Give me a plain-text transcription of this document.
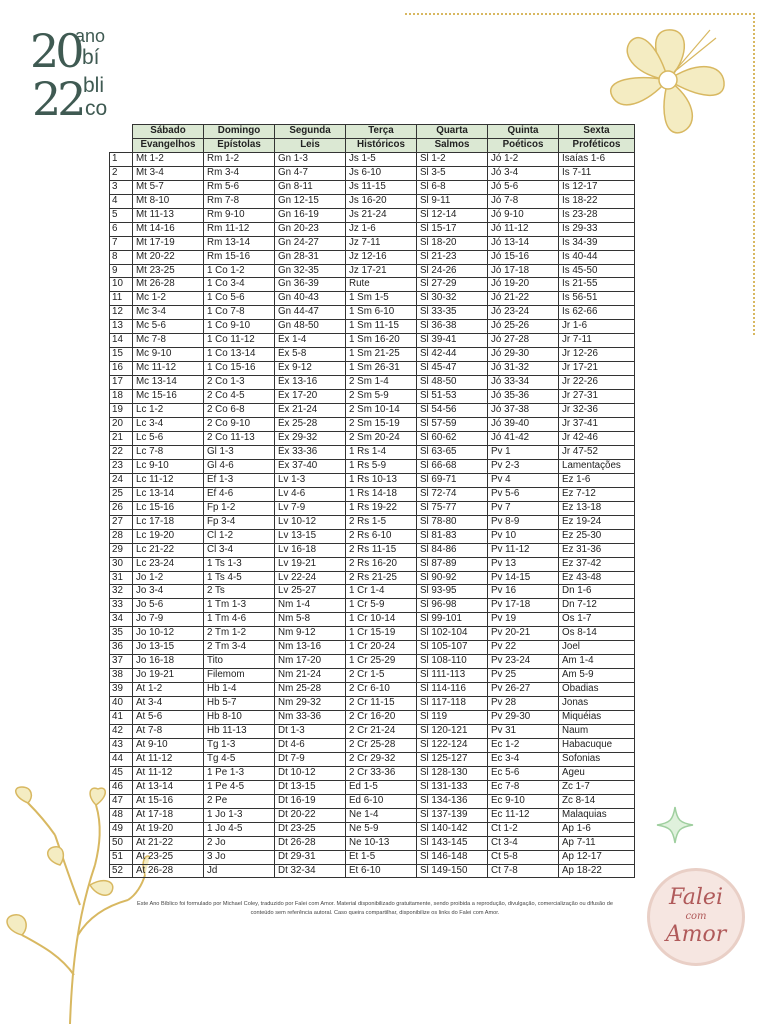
20
ano
bí
22 bli
co
	Sábado	Domingo	Segunda	Terça	Quarta	Quinta	Sexta
	Evangelhos	Epístolas	Leis	Históricos	Salmos	Poéticos	Proféticos
1	Mt 1-2	Rm 1-2	Gn 1-3	Js 1-5	Sl 1-2	Jó 1-2	Isaías 1-6
2	Mt 3-4	Rm 3-4	Gn 4-7	Js 6-10	Sl 3-5	Jó 3-4	Is 7-11
3	Mt 5-7	Rm 5-6	Gn 8-11	Js 11-15	Sl 6-8	Jó 5-6	Is 12-17
4	Mt 8-10	Rm 7-8	Gn 12-15	Js 16-20	Sl 9-11	Jó 7-8	Is 18-22
5	Mt 11-13	Rm 9-10	Gn 16-19	Js 21-24	Sl 12-14	Jó 9-10	Is 23-28
6	Mt 14-16	Rm 11-12	Gn 20-23	Jz 1-6	Sl 15-17	Jó 11-12	Is 29-33
7	Mt 17-19	Rm 13-14	Gn 24-27	Jz 7-11	Sl 18-20	Jó 13-14	Is 34-39
8	Mt 20-22	Rm 15-16	Gn 28-31	Jz 12-16	Sl 21-23	Jó 15-16	Is 40-44
9	Mt 23-25	1 Co 1-2	Gn 32-35	Jz 17-21	Sl 24-26	Jó 17-18	Is 45-50
10	Mt 26-28	1 Co 3-4	Gn 36-39	Rute	Sl 27-29	Jó 19-20	Is 21-55
11	Mc 1-2	1 Co 5-6	Gn 40-43	1 Sm 1-5	Sl 30-32	Jó 21-22	Is 56-51
12	Mc 3-4	1 Co 7-8	Gn 44-47	1 Sm 6-10	Sl 33-35	Jó 23-24	Is 62-66
13	Mc 5-6	1 Co 9-10	Gn 48-50	1 Sm 11-15	Sl 36-38	Jó 25-26	Jr 1-6
14	Mc 7-8	1 Co 11-12	Êx 1-4	1 Sm 16-20	Sl 39-41	Jó 27-28	Jr 7-11
15	Mc 9-10	1 Co 13-14	Êx 5-8	1 Sm 21-25	Sl 42-44	Jó 29-30	Jr 12-26
16	Mc 11-12	1 Co 15-16	Êx 9-12	1 Sm 26-31	Sl 45-47	Jó 31-32	Jr 17-21
17	Mc 13-14	2 Co 1-3	Êx 13-16	2 Sm 1-4	Sl 48-50	Jó 33-34	Jr 22-26
18	Mc 15-16	2 Co 4-5	Êx 17-20	2 Sm 5-9	Sl 51-53	Jó 35-36	Jr 27-31
19	Lc 1-2	2 Co 6-8	Êx 21-24	2 Sm 10-14	Sl 54-56	Jó 37-38	Jr 32-36
20	Lc 3-4	2 Co 9-10	Êx 25-28	2 Sm 15-19	Sl 57-59	Jó 39-40	Jr 37-41
21	Lc 5-6	2 Co 11-13	Êx 29-32	2 Sm 20-24	Sl 60-62	Jó 41-42	Jr 42-46
22	Lc 7-8	Gl 1-3	Êx 33-36	1 Rs 1-4	Sl 63-65	Pv 1	Jr 47-52
23	Lc 9-10	Gl 4-6	Êx 37-40	1 Rs 5-9	Sl 66-68	Pv 2-3	Lamentações
24	Lc 11-12	Ef 1-3	Lv 1-3	1 Rs 10-13	Sl 69-71	Pv 4	Ez 1-6
25	Lc 13-14	Ef 4-6	Lv 4-6	1 Rs 14-18	Sl 72-74	Pv 5-6	Ez 7-12
26	Lc 15-16	Fp 1-2	Lv 7-9	1 Rs 19-22	Sl 75-77	Pv 7	Ez 13-18
27	Lc 17-18	Fp 3-4	Lv 10-12	2 Rs 1-5	Sl 78-80	Pv 8-9	Ez 19-24
28	Lc 19-20	Cl 1-2	Lv 13-15	2 Rs 6-10	Sl 81-83	Pv 10	Ez 25-30
29	Lc 21-22	Cl 3-4	Lv 16-18	2 Rs 11-15	Sl 84-86	Pv 11-12	Ez 31-36
30	Lc 23-24	1 Ts 1-3	Lv 19-21	2 Rs 16-20	Sl 87-89	Pv 13	Ez 37-42
31	Jo 1-2	1 Ts 4-5	Lv 22-24	2 Rs 21-25	Sl 90-92	Pv 14-15	Ez 43-48
32	Jo 3-4	2 Ts	Lv 25-27	1 Cr 1-4	Sl 93-95	Pv 16	Dn 1-6
33	Jo 5-6	1 Tm 1-3	Nm 1-4	1 Cr 5-9	Sl 96-98	Pv 17-18	Dn 7-12
34	Jo 7-9	1 Tm 4-6	Nm 5-8	1 Cr 10-14	Sl 99-101	Pv 19	Os 1-7
35	Jo 10-12	2 Tm 1-2	Nm 9-12	1 Cr 15-19	Sl 102-104	Pv 20-21	Os 8-14
36	Jo 13-15	2 Tm 3-4	Nm 13-16	1 Cr 20-24	Sl 105-107	Pv 22	Joel
37	Jo 16-18	Tito	Nm 17-20	1 Cr 25-29	Sl 108-110	Pv 23-24	Am 1-4
38	Jo 19-21	Filemom	Nm 21-24	2 Cr 1-5	Sl 111-113	Pv 25	Am 5-9
39	At 1-2	Hb 1-4	Nm 25-28	2 Cr 6-10	Sl 114-116	Pv 26-27	Obadias
40	At 3-4	Hb 5-7	Nm 29-32	2 Cr 11-15	Sl 117-118	Pv 28	Jonas
41	At 5-6	Hb 8-10	Nm 33-36	2 Cr 16-20	Sl 119	Pv 29-30	Miquéias
42	At 7-8	Hb 11-13	Dt 1-3	2 Cr 21-24	Sl 120-121	Pv 31	Naum
43	At 9-10	Tg 1-3	Dt 4-6	2 Cr 25-28	Sl 122-124	Ec 1-2	Habacuque
44	At 11-12	Tg 4-5	Dt 7-9	2 Cr 29-32	Sl 125-127	Ec 3-4	Sofonias
45	At 11-12	1 Pe 1-3	Dt 10-12	2 Cr 33-36	Sl 128-130	Ec 5-6	Ageu
46	At 13-14	1 Pe 4-5	Dt 13-15	Ed 1-5	Sl 131-133	Ec 7-8	Zc 1-7
47	At 15-16	2 Pe	Dt 16-19	Ed 6-10	Sl 134-136	Ec 9-10	Zc 8-14
48	At 17-18	1 Jo 1-3	Dt 20-22	Ne 1-4	Sl 137-139	Ec 11-12	Malaquias
49	At 19-20	1 Jo 4-5	Dt 23-25	Ne 5-9	Sl 140-142	Ct 1-2	Ap 1-6
50	At 21-22	2 Jo	Dt 26-28	Ne 10-13	Sl 143-145	Ct 3-4	Ap 7-11
51	At 23-25	3 Jo	Dt 29-31	Et 1-5	Sl 146-148	Ct 5-8	Ap 12-17
52	At 26-28	Jd	Dt 32-34	Et 6-10	Sl 149-150	Ct 7-8	Ap 18-22
Este Ano Bíblico foi formulado por Michael Coley, traduzido por Falei com Amor. Material disponibilizado gratuitamente, sendo proibida a reprodução, divulgação, comercialização ou difusão de conteúdo sem referência autoral. Caso queira compartilhar, disponibilize os links do Falei com Amor.
Falei
com
Amor
